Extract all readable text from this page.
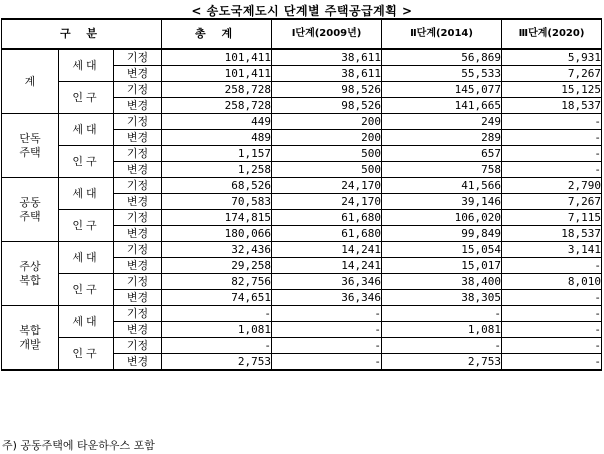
< 송도국제도시 단계별 주택공급계획 >
구 분			총 계	Ⅰ단계(2009년)	Ⅱ단계(2014)	Ⅲ단계(2020)
계	세대	기정	101,411	38,611	56,869	5,931
		변경	101,411	38,611	55,533	7,267
	인구	기정	258,728	98,526	145,077	15,125
		변경	258,728	98,526	141,665	18,537
단독
주택	세대	기정	449	200	249	-
		변경	489	200	289	-
	인구	기정	1,157	500	657	-
		변경	1,258	500	758	-
공동
주택	세대	기정	68,526	24,170	41,566	2,790
		변경	70,583	24,170	39,146	7,267
	인구	기정	174,815	61,680	106,020	7,115
		변경	180,066	61,680	99,849	18,537
주상
복합	세대	기정	32,436	14,241	15,054	3,141
		변경	29,258	14,241	15,017	-
	인구	기정	82,756	36,346	38,400	8,010
		변경	74,651	36,346	38,305	-
복합
개발	세대	기정	-	-	-	-
		변경	1,081	-	1,081	-
	인구	기정	-	-	-	-
		변경	2,753	-	2,753	-
주) 공동주택에 타운하우스 포함
